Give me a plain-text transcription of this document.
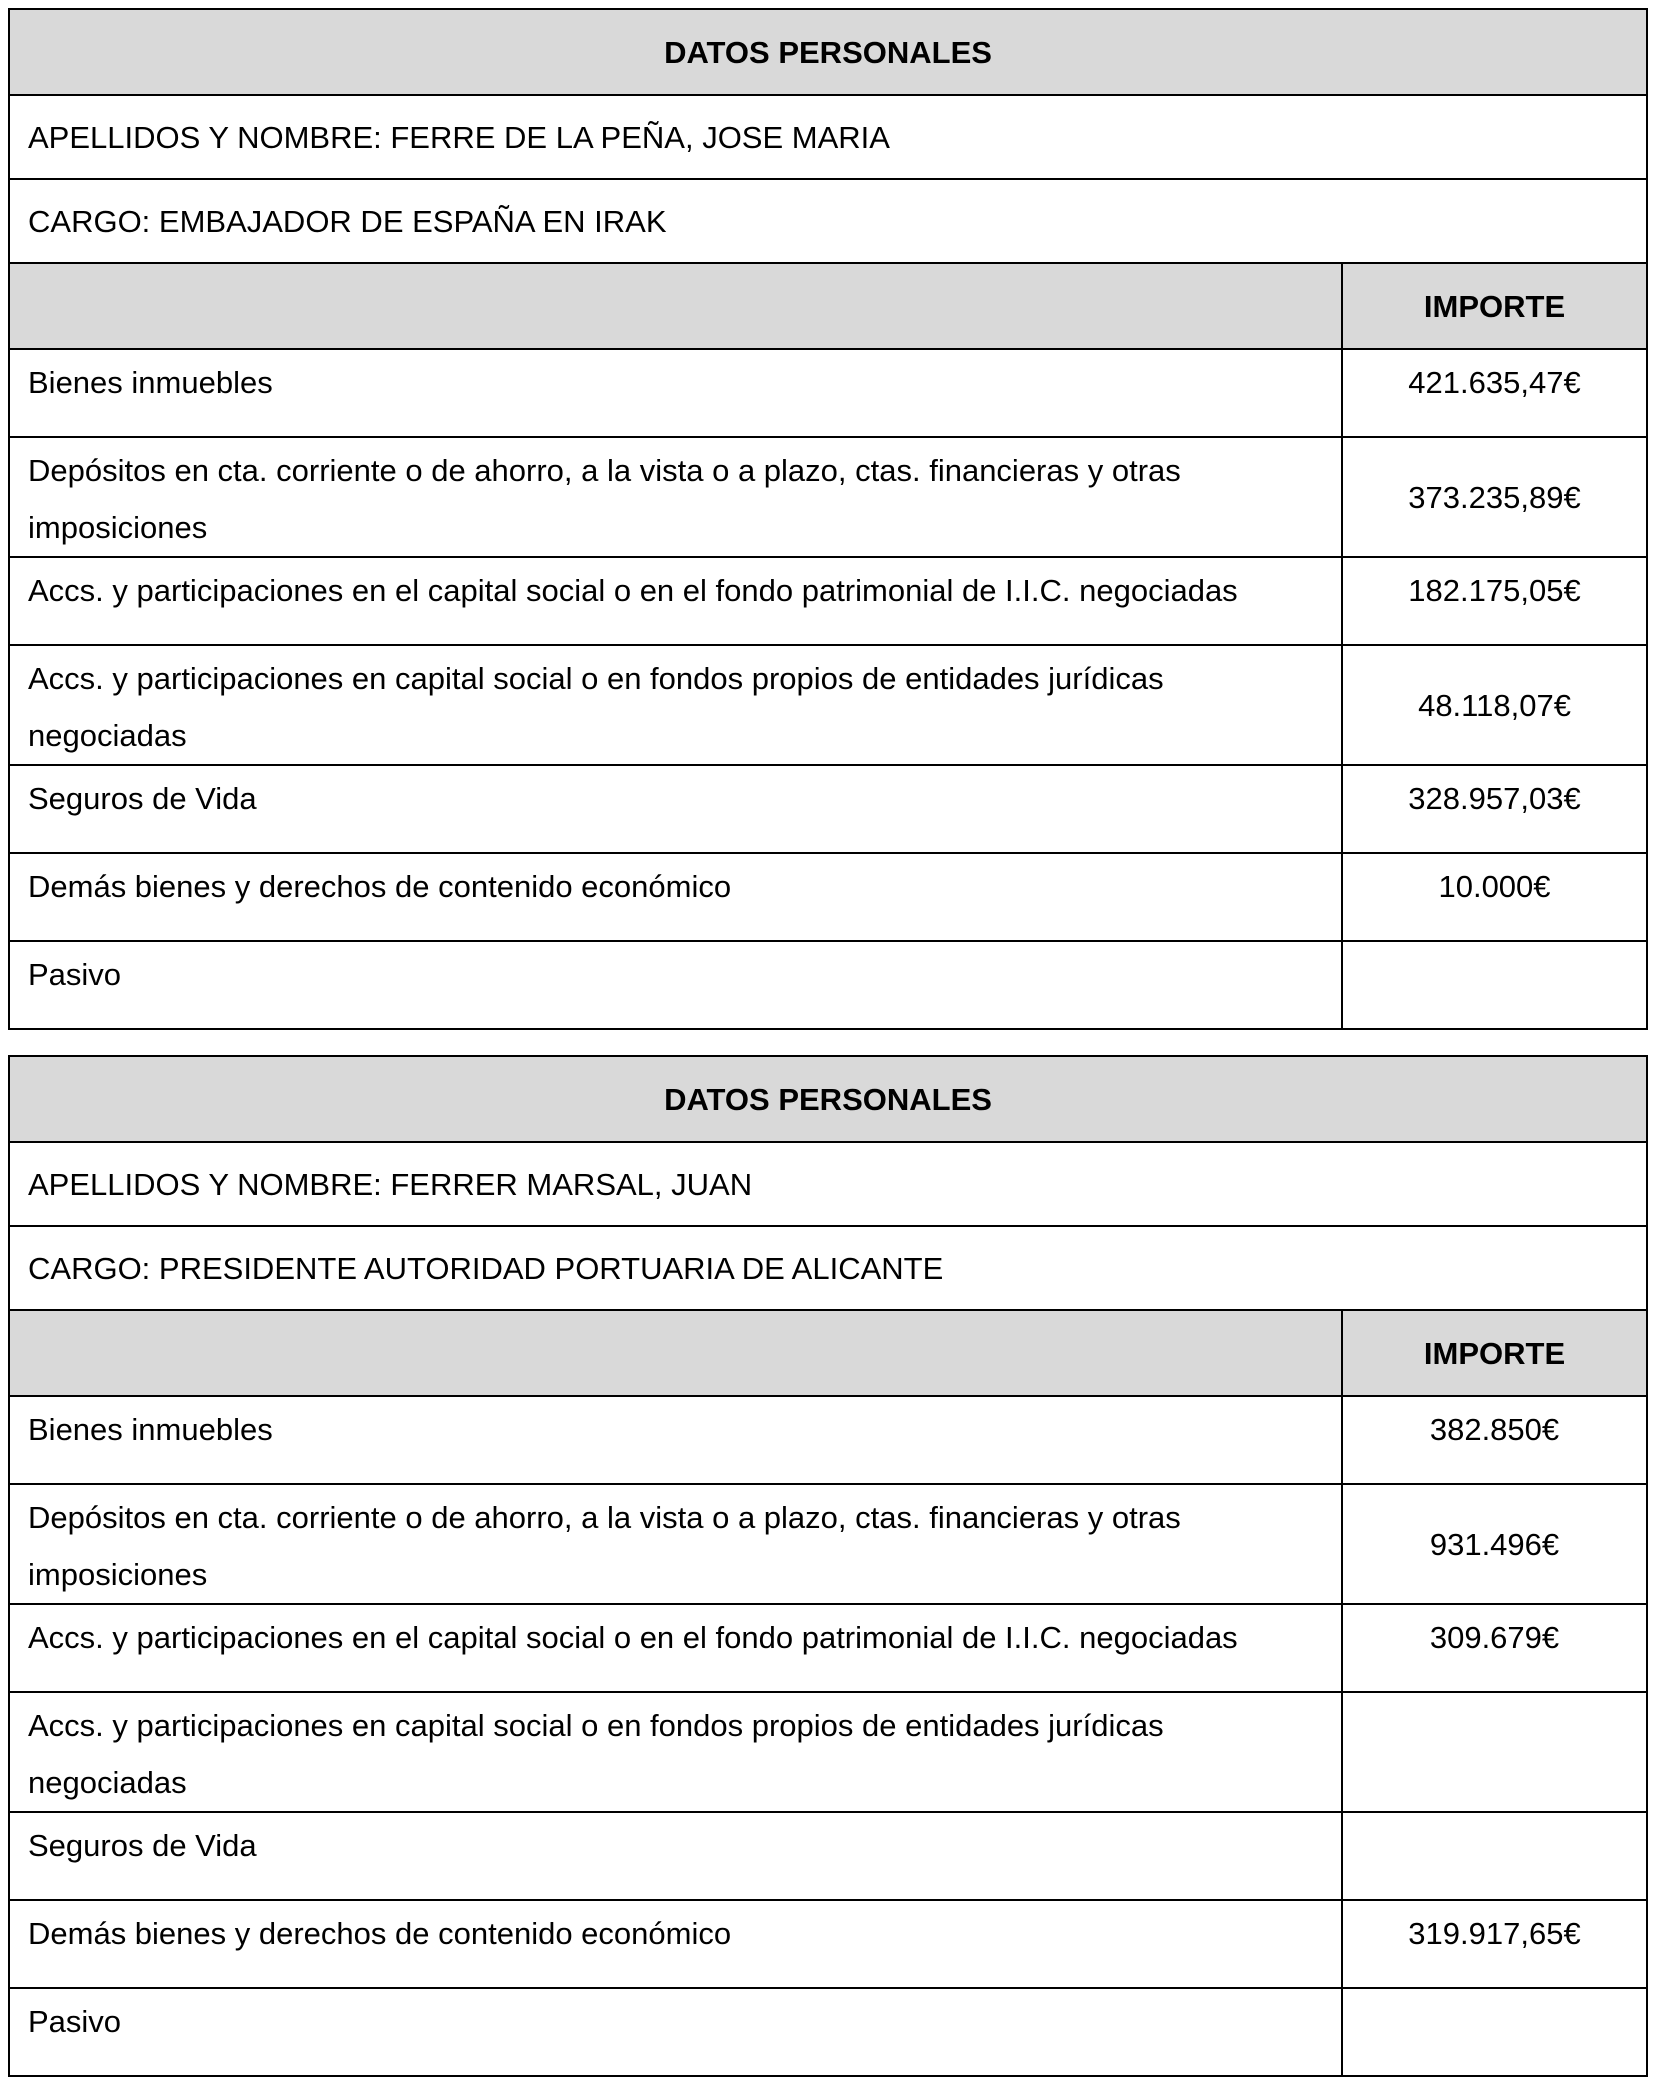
DATOS PERSONALES	
APELLIDOS Y NOMBRE: FERRE DE LA PEÑA, JOSE MARIA	
CARGO: EMBAJADOR DE ESPAÑA EN IRAK	
	IMPORTE
Bienes inmuebles	421.635,47€
Depósitos en cta. corriente o de ahorro, a la vista o a plazo, ctas. financieras y otras imposiciones	373.235,89€
Accs. y participaciones en el capital social o en el fondo patrimonial de I.I.C. negociadas	182.175,05€
Accs. y participaciones en capital social o en fondos propios de entidades jurídicas negociadas	48.118,07€
Seguros de Vida	328.957,03€
Demás bienes y derechos de contenido económico	10.000€
Pasivo	
DATOS PERSONALES	
APELLIDOS Y NOMBRE: FERRER MARSAL, JUAN	
CARGO: PRESIDENTE AUTORIDAD PORTUARIA DE ALICANTE	
	IMPORTE
Bienes inmuebles	382.850€
Depósitos en cta. corriente o de ahorro, a la vista o a plazo, ctas. financieras y otras imposiciones	931.496€
Accs. y participaciones en el capital social o en el fondo patrimonial de I.I.C. negociadas	309.679€
Accs. y participaciones en capital social o en fondos propios de entidades jurídicas negociadas	
Seguros de Vida	
Demás bienes y derechos de contenido económico	319.917,65€
Pasivo	
